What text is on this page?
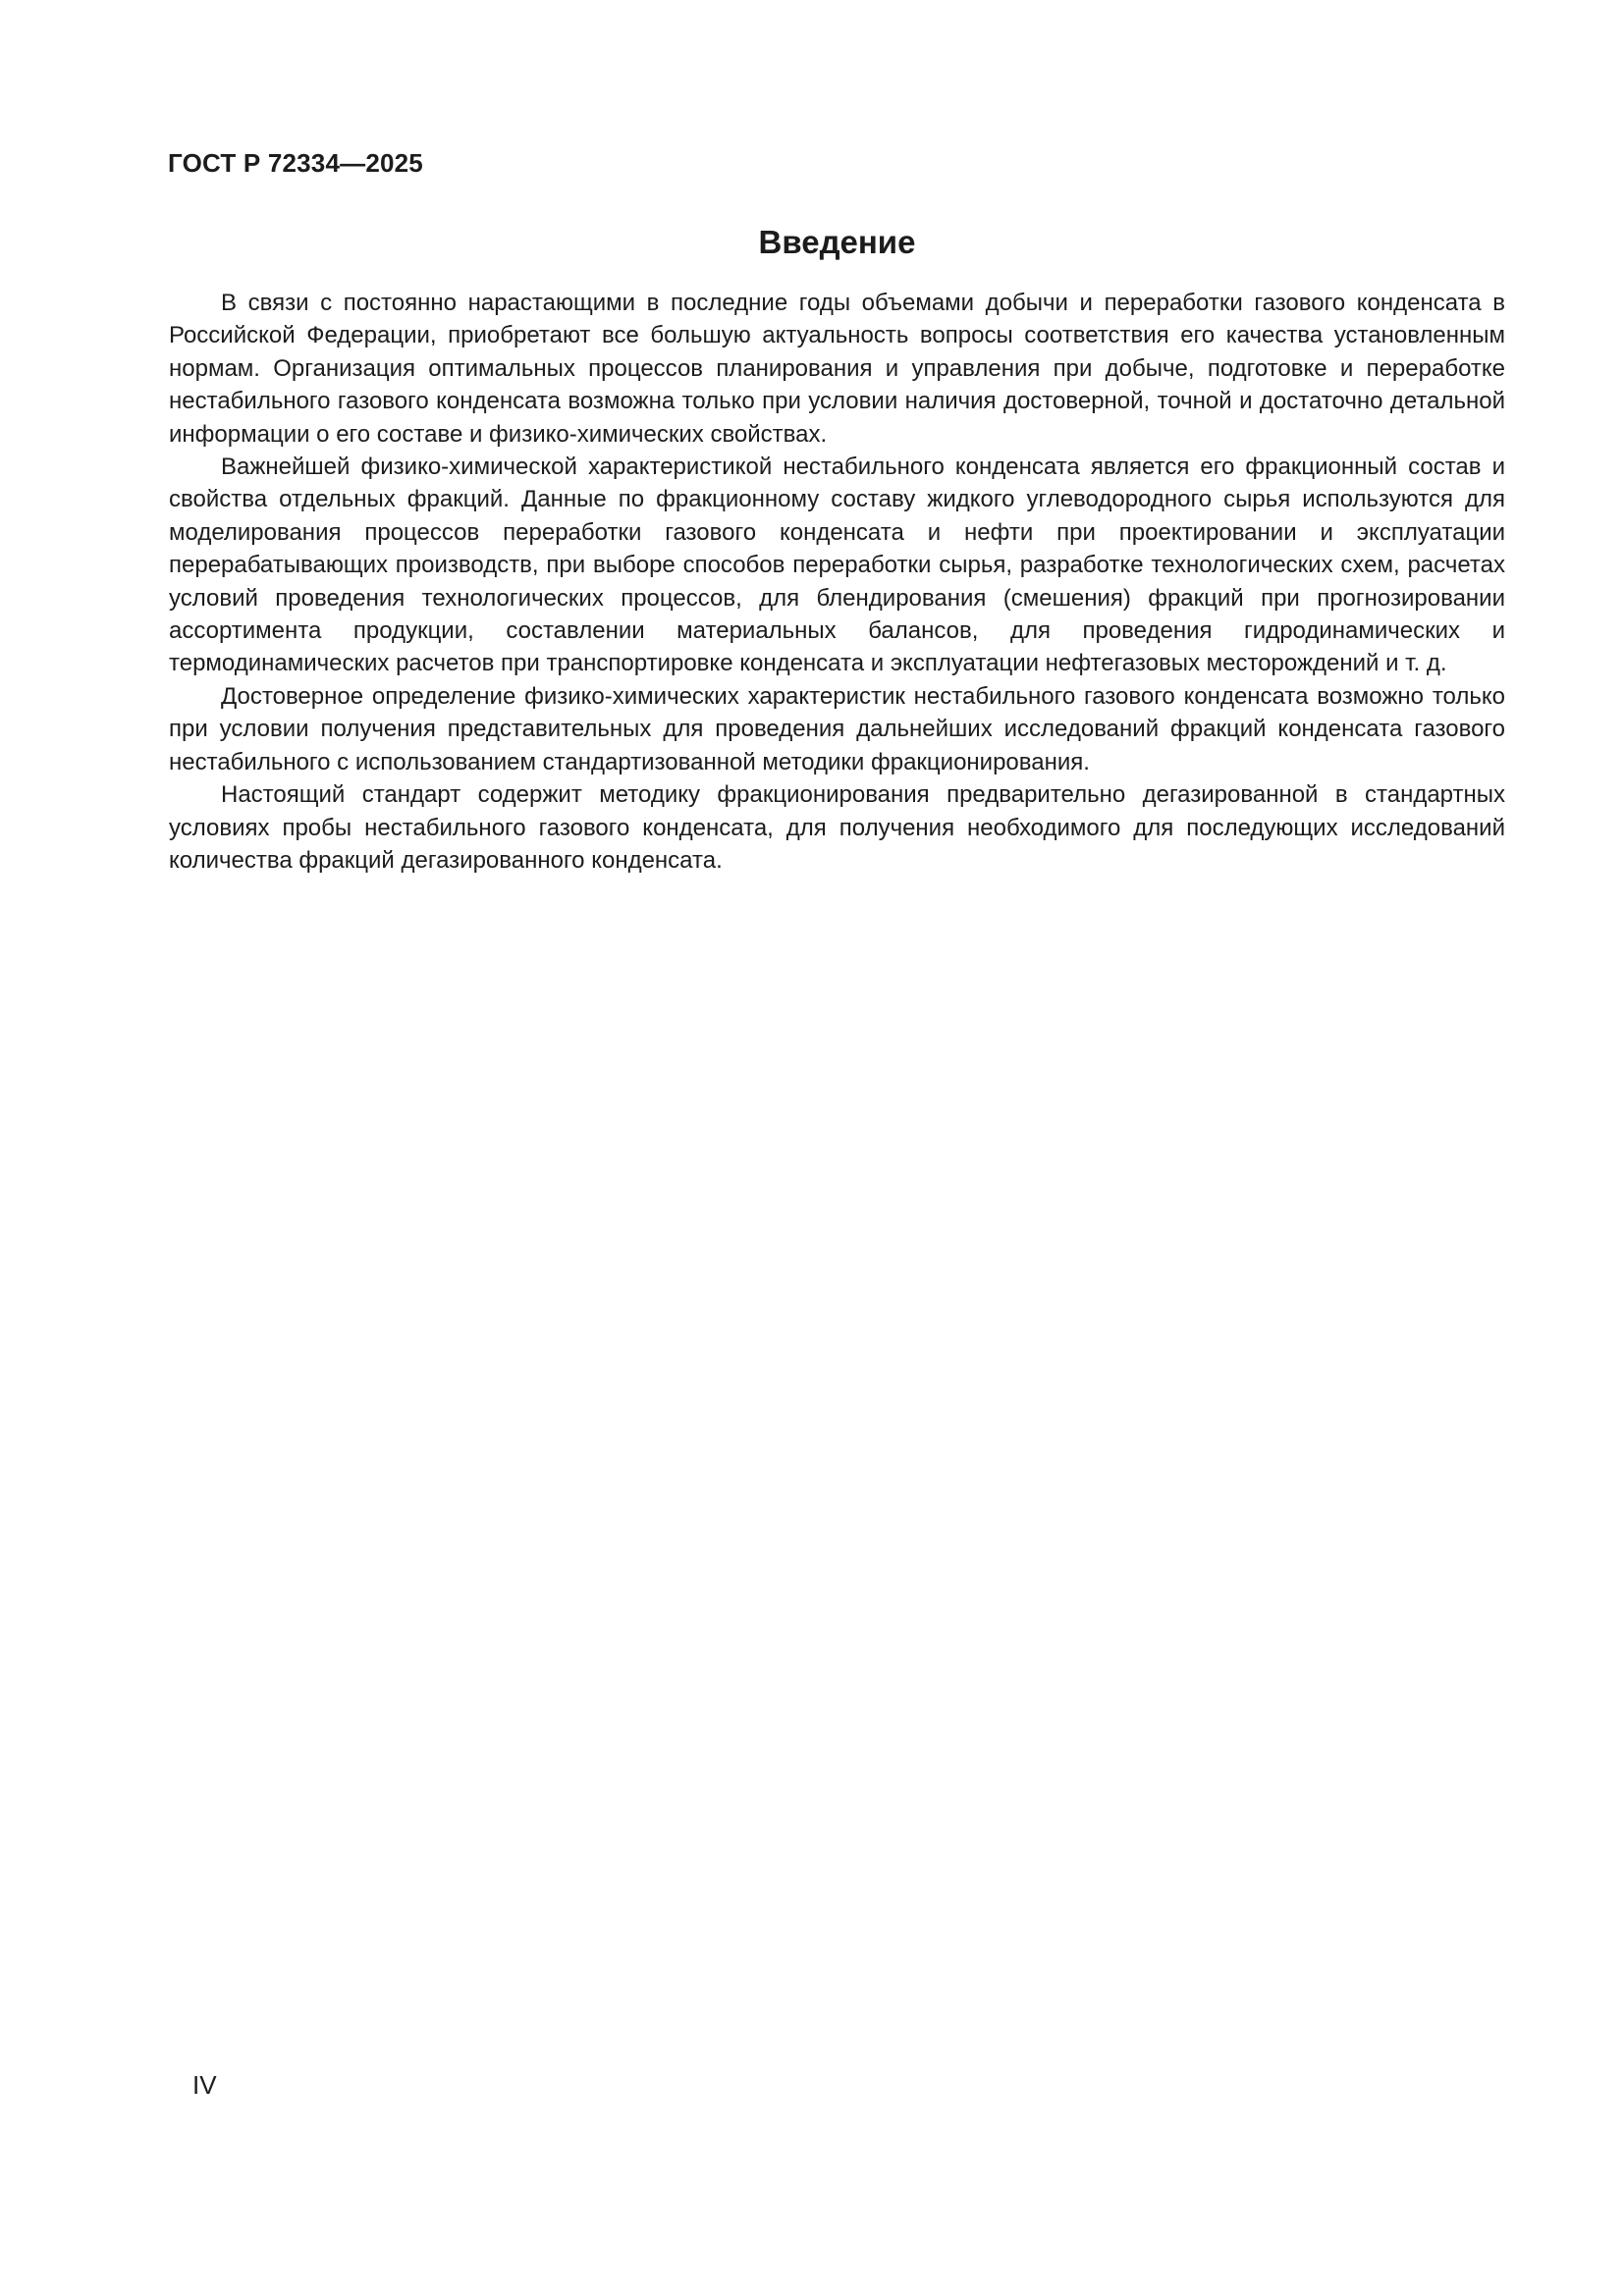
ГОСТ Р 72334—2025
Введение

В связи с постоянно нарастающими в последние годы объемами добычи и переработки газового конденсата в Российской Федерации, приобретают все большую актуальность вопросы соответствия его качества установленным нормам. Организация оптимальных процессов планирования и управления при добыче, подготовке и переработке нестабильного газового конденсата возможна только при условии наличия достоверной, точной и достаточно детальной информации о его составе и физико-химических свойствах.

Важнейшей физико-химической характеристикой нестабильного конденсата является его фракционный состав и свойства отдельных фракций. Данные по фракционному составу жидкого углеводородного сырья используются для моделирования процессов переработки газового конденсата и нефти при проектировании и эксплуатации перерабатывающих производств, при выборе способов переработки сырья, разработке технологических схем, расчетах условий проведения технологических процессов, для блендирования (смешения) фракций при прогнозировании ассортимента продукции, составлении материальных балансов, для проведения гидродинамических и термодинамических расчетов при транспортировке конденсата и эксплуатации нефтегазовых месторождений и т. д.

Достоверное определение физико-химических характеристик нестабильного газового конденсата возможно только при условии получения представительных для проведения дальнейших исследований фракций конденсата газового нестабильного с использованием стандартизованной методики фракционирования.

Настоящий стандарт содержит методику фракционирования предварительно дегазированной в стандартных условиях пробы нестабильного газового конденсата, для получения необходимого для последующих исследований количества фракций дегазированного конденсата.

IV
